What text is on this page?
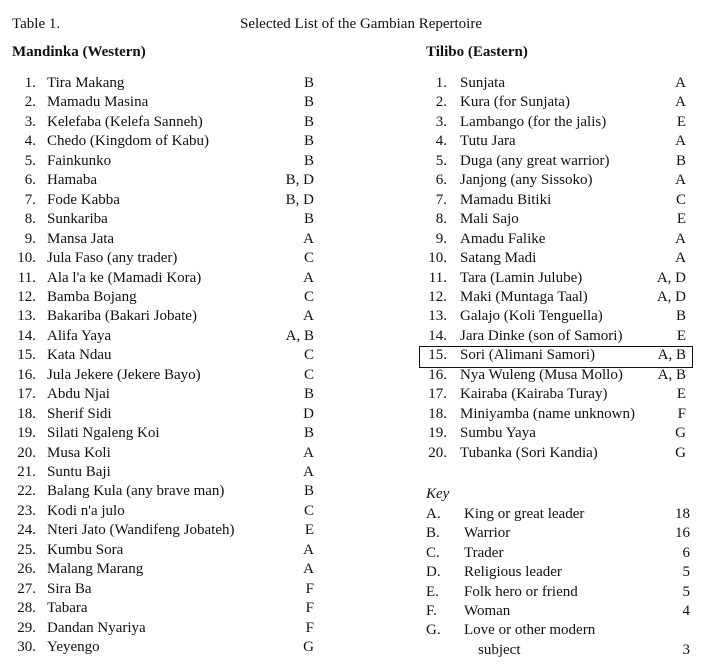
Table 1.	Selected List of the Gambian Repertoire
Mandinka (Western)	Tilibo (Eastern)
1. Tira Makang	B
2. Mamadu Masina	B
3. Kelefaba (Kelefa Sanneh)	B
4. Chedo (Kingdom of Kabu)	B
5. Fainkunko	B
6. Hamaba	B, D
7. Fode Kabba	B, D
8. Sunkariba	B
9. Mansa Jata	A
10. Jula Faso (any trader)	C
11. Ala l'a ke (Mamadi Kora)	A
12. Bamba Bojang	C
13. Bakariba (Bakari Jobate)	A
14. Alifa Yaya	A, B
15. Kata Ndau	C
16. Jula Jekere (Jekere Bayo)	C
17. Abdu Njai	B
18. Sherif Sidi	D
19. Silati Ngaleng Koi	B
20. Musa Koli	A
21. Suntu Baji	A
22. Balang Kula (any brave man)	B
23. Kodi n'a julo	C
24. Nteri Jato (Wandifeng Jobateh)	E
25. Kumbu Sora	A
26. Malang Marang	A
27. Sira Ba	F
28. Tabara	F
29. Dandan Nyariya	F
30. Yeyengo	G
1. Sunjata	A
2. Kura (for Sunjata)	A
3. Lambango (for the jalis)	E
4. Tutu Jara	A
5. Duga (any great warrior)	B
6. Janjong (any Sissoko)	A
7. Mamadu Bitiki	C
8. Mali Sajo	E
9. Amadu Falike	A
10. Satang Madi	A
11. Tara (Lamin Julube)	A, D
12. Maki (Muntaga Taal)	A, D
13. Galajo (Koli Tenguella)	B
14. Jara Dinke (son of Samori)	E
15. Sori (Alimani Samori)	A, B
16. Nya Wuleng (Musa Mollo)	A, B
17. Kairaba (Kairaba Turay)	E
18. Miniyamba (name unknown)	F
19. Sumbu Yaya	G
20. Tubanka (Sori Kandia)	G
Key
A. King or great leader	18
B. Warrior	16
C. Trader	6
D. Religious leader	5
E. Folk hero or friend	5
F. Woman	4
G. Love or other modern
subject	3
